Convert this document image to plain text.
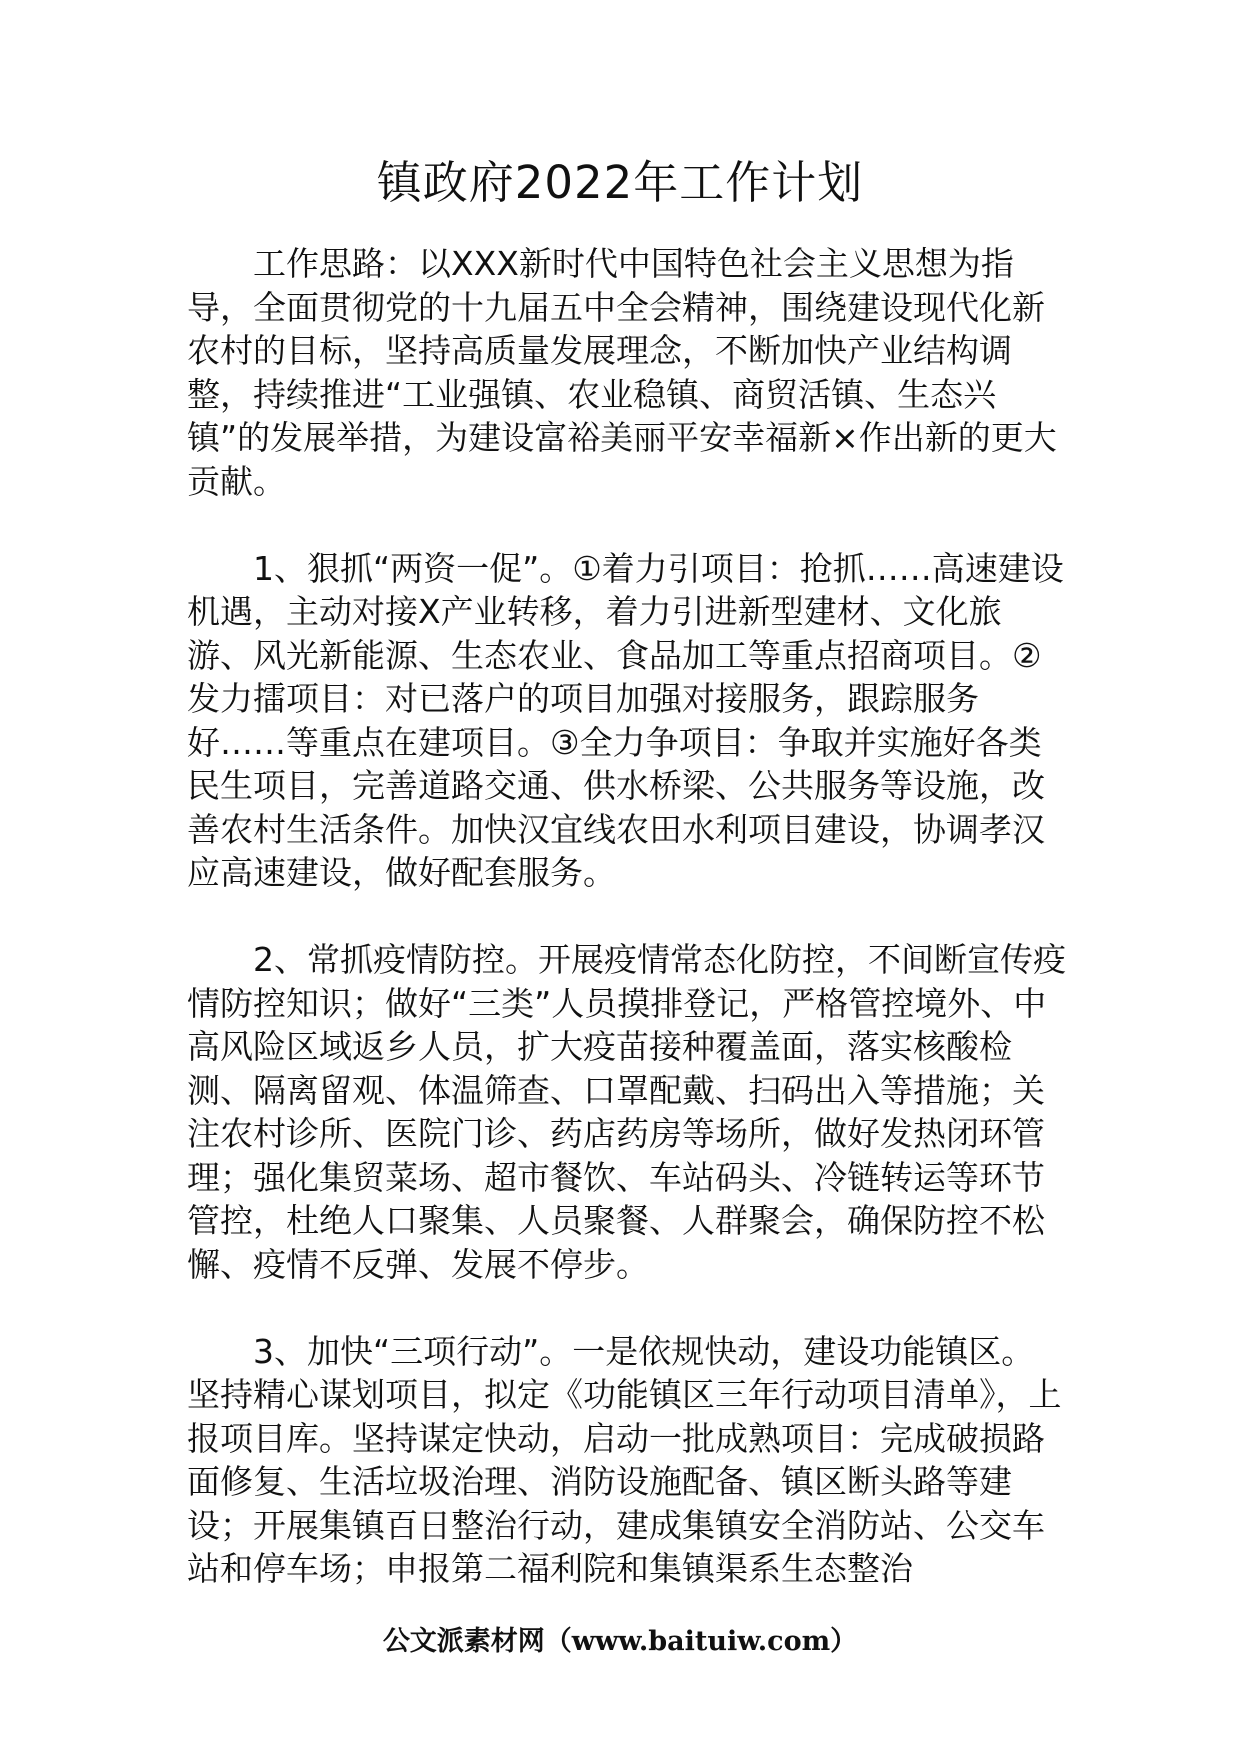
镇政府2022年工作计划

工作思路：以XXX新时代中国特色社会主义思想为指导，全面贯彻党的十九届五中全会精神，围绕建设现代化新农村的目标，坚持高质量发展理念，不断加快产业结构调整，持续推进“工业强镇、农业稳镇、商贸活镇、生态兴镇”的发展举措，为建设富裕美丽平安幸福新×作出新的更大贡献。

1、狠抓“两资一促”。①着力引项目：抢抓……高速建设机遇，主动对接X产业转移，着力引进新型建材、文化旅游、风光新能源、生态农业、食品加工等重点招商项目。②发力擂项目：对已落户的项目加强对接服务，跟踪服务好……等重点在建项目。③全力争项目：争取并实施好各类民生项目，完善道路交通、供水桥梁、公共服务等设施，改善农村生活条件。加快汉宜线农田水利项目建设，协调孝汉应高速建设，做好配套服务。

2、常抓疫情防控。开展疫情常态化防控，不间断宣传疫情防控知识；做好“三类”人员摸排登记，严格管控境外、中高风险区域返乡人员，扩大疫苗接种覆盖面，落实核酸检测、隔离留观、体温筛查、口罩配戴、扫码出入等措施；关注农村诊所、医院门诊、药店药房等场所，做好发热闭环管理；强化集贸菜场、超市餐饮、车站码头、冷链转运等环节管控，杜绝人口聚集、人员聚餐、人群聚会，确保防控不松懈、疫情不反弹、发展不停步。

3、加快“三项行动”。一是依规快动，建设功能镇区。坚持精心谋划项目，拟定《功能镇区三年行动项目清单》，上报项目库。坚持谋定快动，启动一批成熟项目：完成破损路面修复、生活垃圾治理、消防设施配备、镇区断头路等建设；开展集镇百日整治行动，建成集镇安全消防站、公交车站和停车场；申报第二福利院和集镇渠系生态整治

公文派素材网（www.baituiw.com）
